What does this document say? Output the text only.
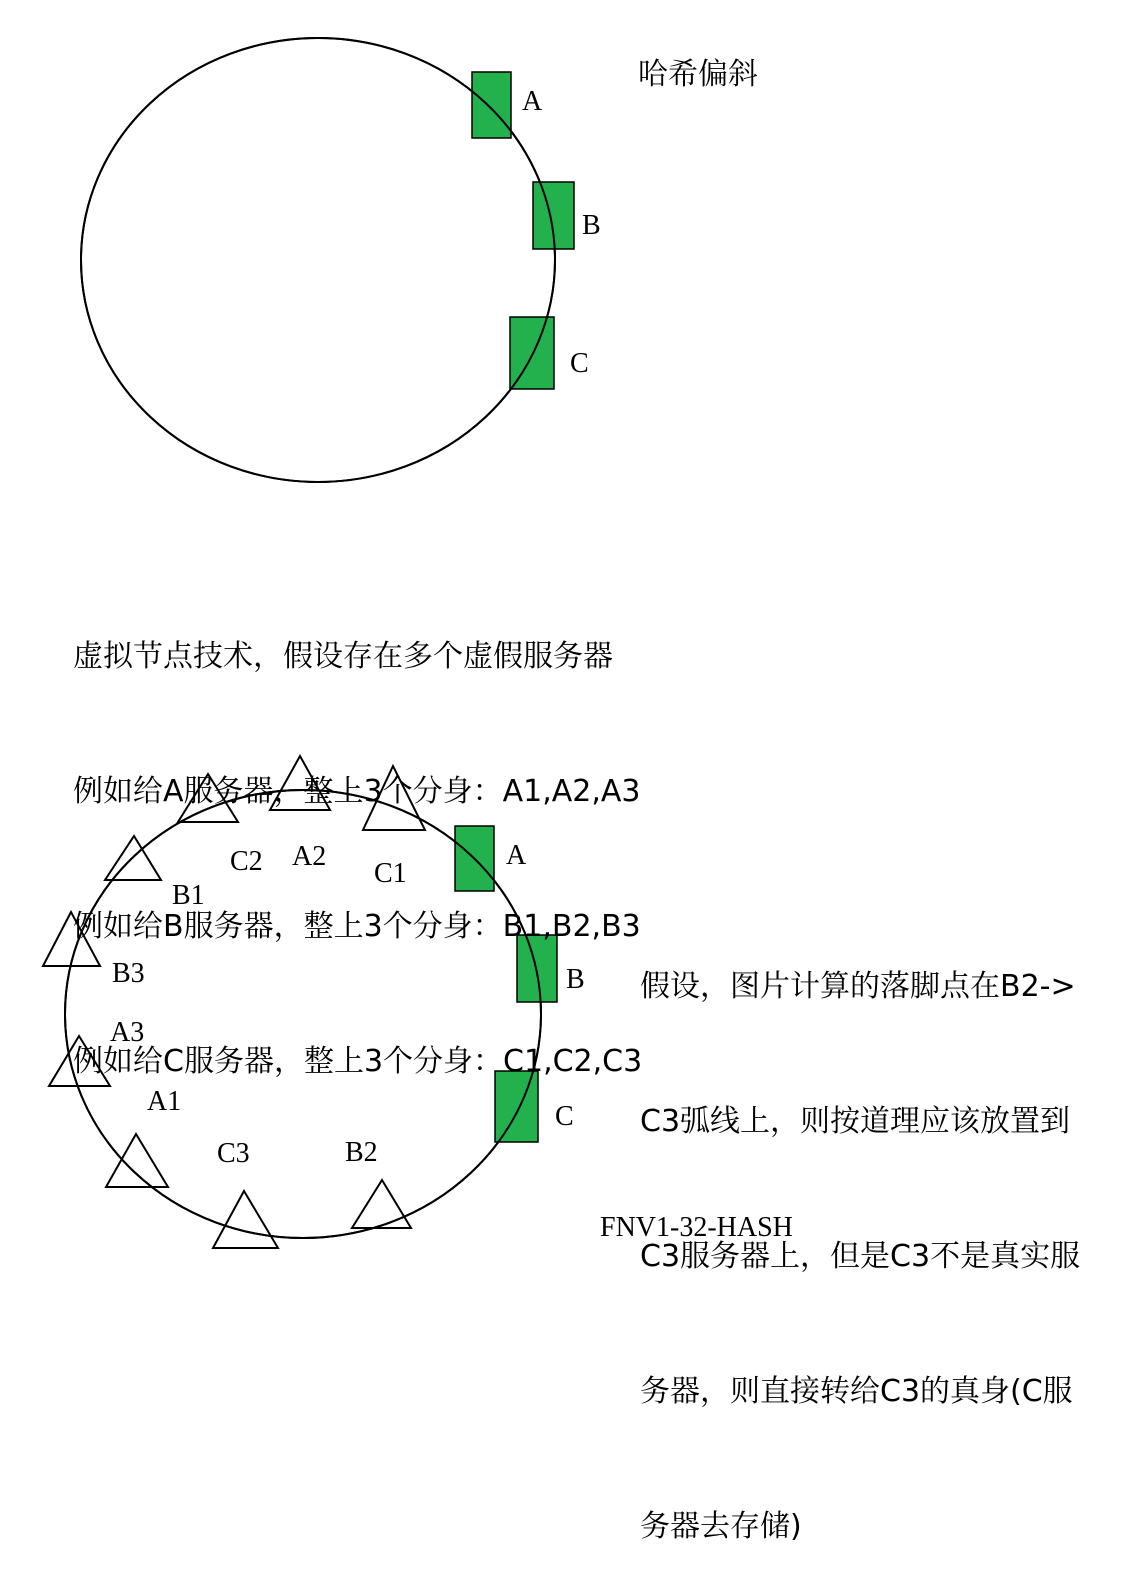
A
B
C
哈希偏斜
C2 A2
C1
B1
B3
A3
A1
C3	B2
A
B
C
FNV1-32-HASH

虚拟节点技术，假设存在多个虚假服务器

例如给A服务器，整上3个分身：A1,A2,A3

例如给B服务器，整上3个分身：B1,B2,B3

例如给C服务器，整上3个分身：C1,C2,C3

假设，图片计算的落脚点在B2->

C3弧线上，则按道理应该放置到

C3服务器上，但是C3不是真实服

务器，则直接转给C3的真身(C服

务器去存储)
